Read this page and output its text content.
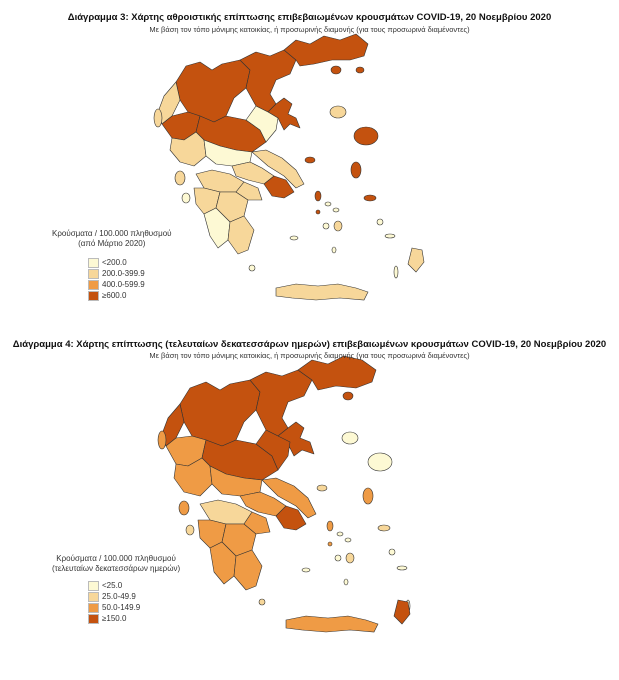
Διάγραμμα 3: Χάρτης αθροιστικής επίπτωσης επιβεβαιωμένων κρουσμάτων COVID-19, 20 Νοεμβρίου 2020
Με βάση τον τόπο μόνιμης κατοικίας, ή προσωρινής διαμονής (για τους προσωρινά διαμένοντες)
Κρούσματα / 100.000 πληθυσμού
(από Μάρτιο 2020)
<200.0
200.0-399.9
400.0-599.9
≥600.0
Διάγραμμα 4: Χάρτης επίπτωσης (τελευταίων δεκατεσσάρων ημερών) επιβεβαιωμένων κρουσμάτων COVID-19, 20 Νοεμβρίου 2020
Με βάση τον τόπο μόνιμης κατοικίας, ή προσωρινής διαμονής (για τους προσωρινά διαμένοντες)
Κρούσματα / 100.000 πληθυσμού
(τελευταίων δεκατεσσάρων ημερών)
<25.0
25.0-49.9
50.0-149.9
≥150.0
